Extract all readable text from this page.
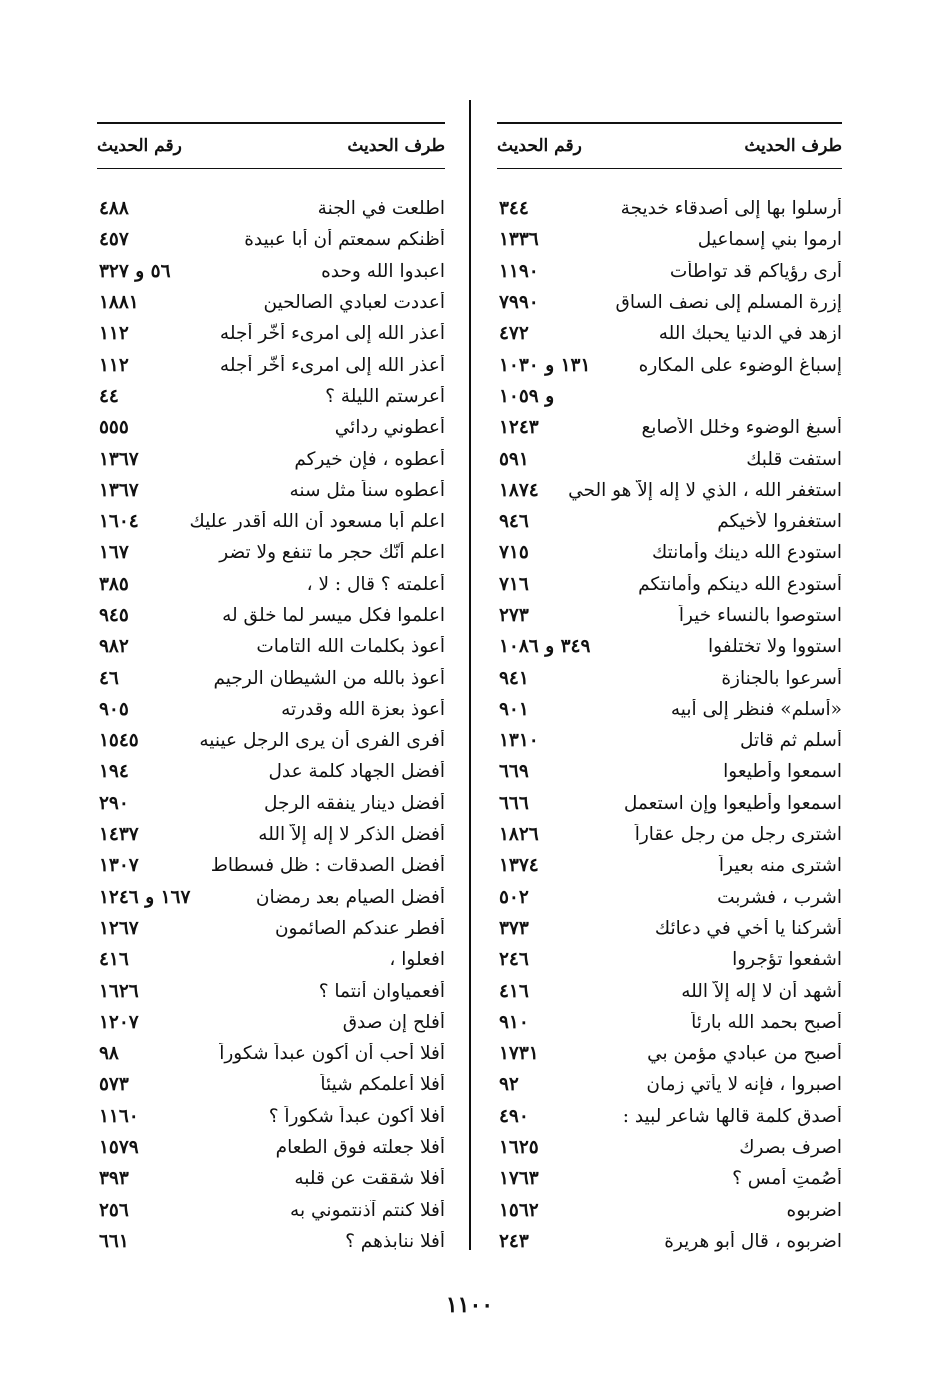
طرف الحديث
رقم الحديث
أرسلوا بها إلى أصدقاء خديجة
٣٤٤
ارموا بني إسماعيل
١٣٣٦
أرى رؤياكم قد تواطأت
١١٩٠
إزرة المسلم إلى نصف الساق
٧٩٩٠
ازهد في الدنيا يحبك الله
٤٧٢
إسباغ الوضوء على المكاره
١٣١ و ١٠٣٠
و ١٠٥٩
أسبغ الوضوء وخلل الأصابع
١٢٤٣
استفت قلبك
٥٩١
استغفر الله ، الذي لا إله إلاّ هو الحي
١٨٧٤
استغفروا لأخيكم
٩٤٦
استودع الله دينك وأمانتك
٧١٥
أستودع الله دينكم وأمانتكم
٧١٦
استوصوا بالنساء خيراً
٢٧٣
استووا ولا تختلفوا
٣٤٩ و ١٠٨٦
أسرعوا بالجنازة
٩٤١
«أسلم» فنظر إلى أبيه
٩٠١
أسلم ثم قاتل
١٣١٠
اسمعوا وأطيعوا
٦٦٩
اسمعوا وأطيعوا وإن استعمل
٦٦٦
اشترى رجل من رجل عقاراً
١٨٢٦
اشترى منه بعيراً
١٣٧٤
اشرب ، فشربت
٥٠٢
أشركنا يا أخي في دعائك
٣٧٣
اشفعوا تؤجروا
٢٤٦
أشهد أن لا إله إلاّ الله
٤١٦
أصبح بحمد الله بارئاً
٩١٠
أصبح من عبادي مؤمن بي
١٧٣١
اصبروا ، فإنه لا يأتي زمان
٩٢
أصدق كلمة قالها شاعر لبيد :
٤٩٠
اصرف بصرك
١٦٢٥
أصُمتِ أمس ؟
١٧٦٣
اضربوه
١٥٦٢
اضربوه ، قال أبو هريرة
٢٤٣
طرف الحديث
رقم الحديث
اطلعت في الجنة
٤٨٨
أظنكم سمعتم أن أبا عبيدة
٤٥٧
اعبدوا الله وحده
٥٦ و ٣٢٧
أعددت لعبادي الصالحين
١٨٨١
أعذر الله إلى امرىء أخَّر أجله
١١٢
أعذر الله إلى امرىء أخَّر أجله
١١٢
أعرستم الليلة ؟
٤٤
أعطوني ردائي
٥٥٥
أعطوه ، فإن خيركم
١٣٦٧
أعطوه سناً مثل سنه
١٣٦٧
اعلم أبا مسعود أن الله أقدر عليك
١٦٠٤
اعلم أنّك حجر ما تنفع ولا تضر
١٦٧
أعلمته ؟ قال : لا ،
٣٨٥
اعلموا فكل ميسر لما خلق له
٩٤٥
أعوذ بكلمات الله التامات
٩٨٢
أعوذ بالله من الشيطان الرجيم
٤٦
أعوذ بعزة الله وقدرته
٩٠٥
أفرى الفرى أن يرى الرجل عينيه
١٥٤٥
أفضل الجهاد كلمة عدل
١٩٤
أفضل دينار ينفقه الرجل
٢٩٠
أفضل الذكر لا إله إلاّ الله
١٤٣٧
أفضل الصدقات : ظل فسطاط
١٣٠٧
أفضل الصيام بعد رمضان
١٦٧ و ١٢٤٦
أفطر عندكم الصائمون
١٢٦٧
افعلوا ،
٤١٦
أفعمياوان أنتما ؟
١٦٢٦
أفلح إن صدق
١٢٠٧
أفلا أحب أن أكون عبداً شكوراً
٩٨
أفلا أعلمكم شيئاً
٥٧٣
أفلا أكون عبداً شكوراً ؟
١١٦٠
أفلا جعلته فوق الطعام
١٥٧٩
أفلا شققت عن قلبه
٣٩٣
أفلا كنتم آذنتموني به
٢٥٦
أفلا ننابذهم ؟
٦٦١
١١٠٠
